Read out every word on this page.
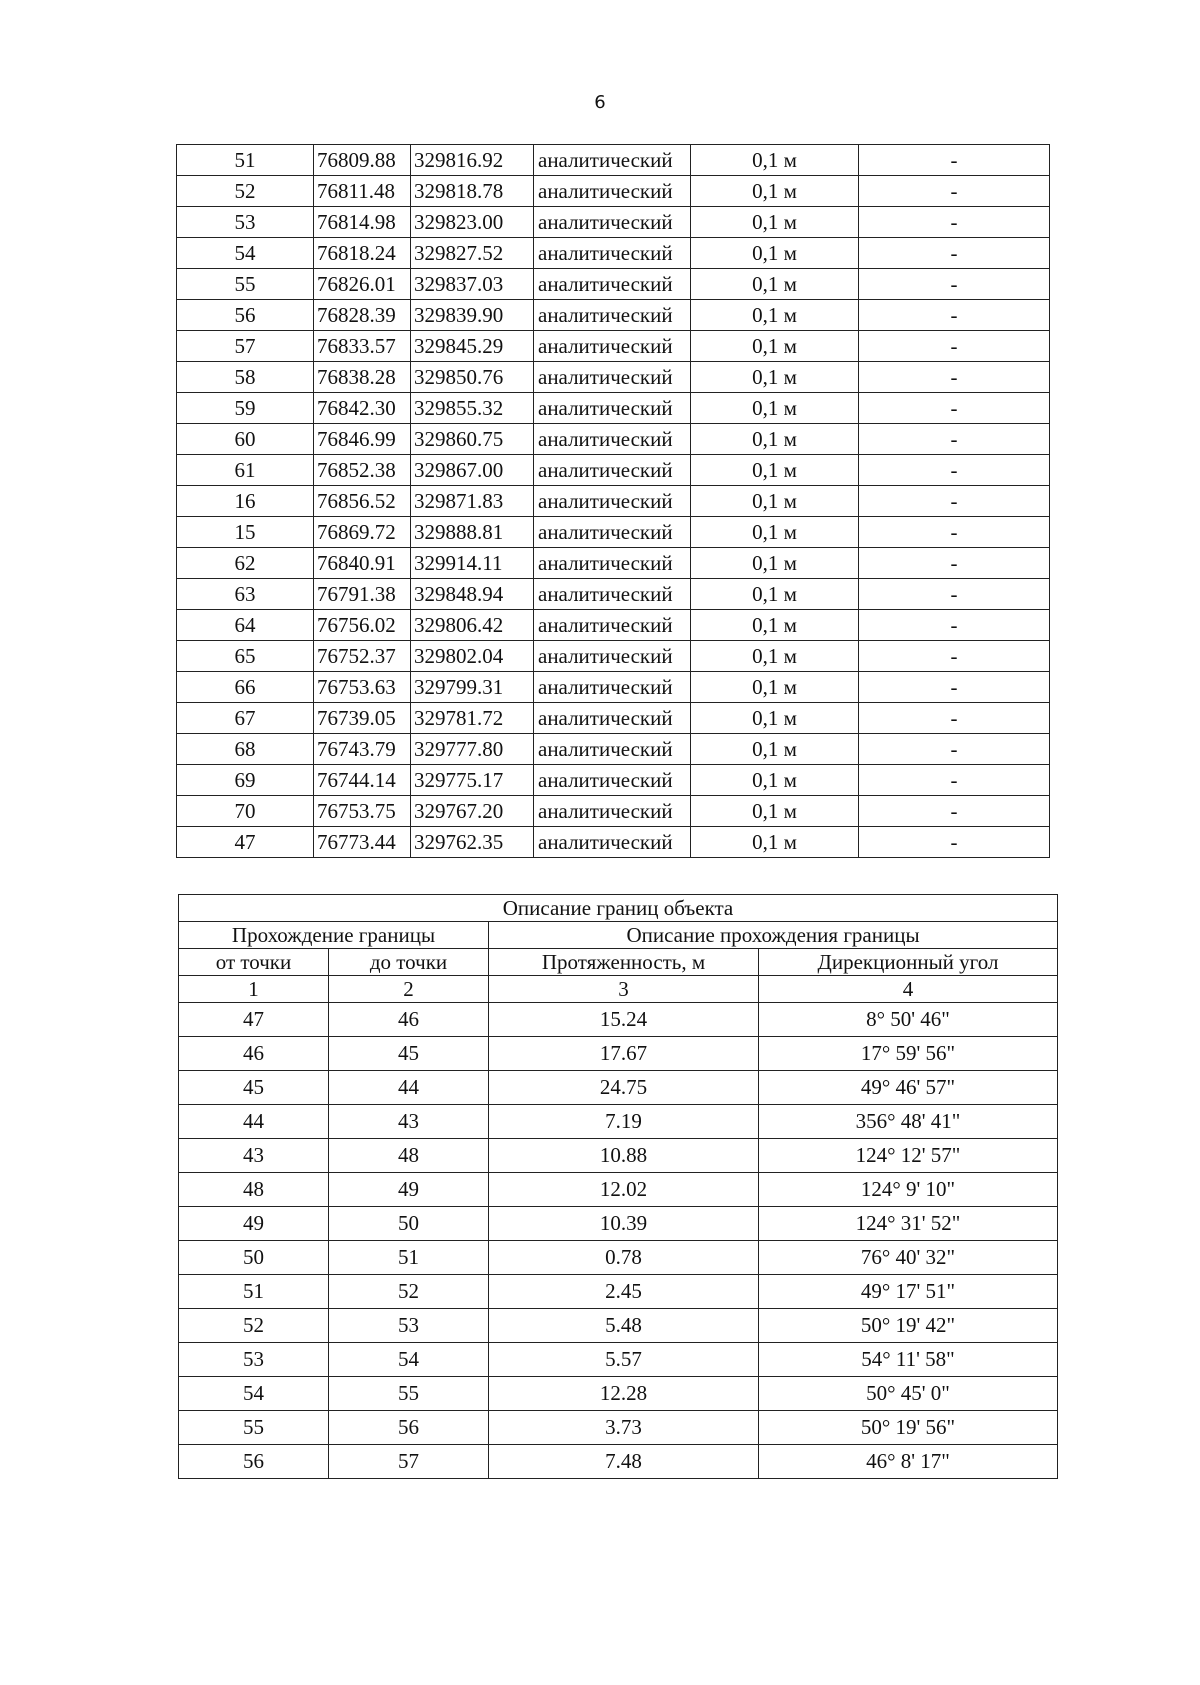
6
51	76809.88	329816.92	аналитический	0,1 м	-
52	76811.48	329818.78	аналитический	0,1 м	-
53	76814.98	329823.00	аналитический	0,1 м	-
54	76818.24	329827.52	аналитический	0,1 м	-
55	76826.01	329837.03	аналитический	0,1 м	-
56	76828.39	329839.90	аналитический	0,1 м	-
57	76833.57	329845.29	аналитический	0,1 м	-
58	76838.28	329850.76	аналитический	0,1 м	-
59	76842.30	329855.32	аналитический	0,1 м	-
60	76846.99	329860.75	аналитический	0,1 м	-
61	76852.38	329867.00	аналитический	0,1 м	-
16	76856.52	329871.83	аналитический	0,1 м	-
15	76869.72	329888.81	аналитический	0,1 м	-
62	76840.91	329914.11	аналитический	0,1 м	-
63	76791.38	329848.94	аналитический	0,1 м	-
64	76756.02	329806.42	аналитический	0,1 м	-
65	76752.37	329802.04	аналитический	0,1 м	-
66	76753.63	329799.31	аналитический	0,1 м	-
67	76739.05	329781.72	аналитический	0,1 м	-
68	76743.79	329777.80	аналитический	0,1 м	-
69	76744.14	329775.17	аналитический	0,1 м	-
70	76753.75	329767.20	аналитический	0,1 м	-
47	76773.44	329762.35	аналитический	0,1 м	-
Описание границ объекта			
Прохождение границы		Описание прохождения границы	
от точки	до точки	Протяженность, м	Дирекционный угол
1	2	3	4
47	46	15.24	8° 50' 46"
46	45	17.67	17° 59' 56"
45	44	24.75	49° 46' 57"
44	43	7.19	356° 48' 41"
43	48	10.88	124° 12' 57"
48	49	12.02	124° 9' 10"
49	50	10.39	124° 31' 52"
50	51	0.78	76° 40' 32"
51	52	2.45	49° 17' 51"
52	53	5.48	50° 19' 42"
53	54	5.57	54° 11' 58"
54	55	12.28	50° 45' 0"
55	56	3.73	50° 19' 56"
56	57	7.48	46° 8' 17"
